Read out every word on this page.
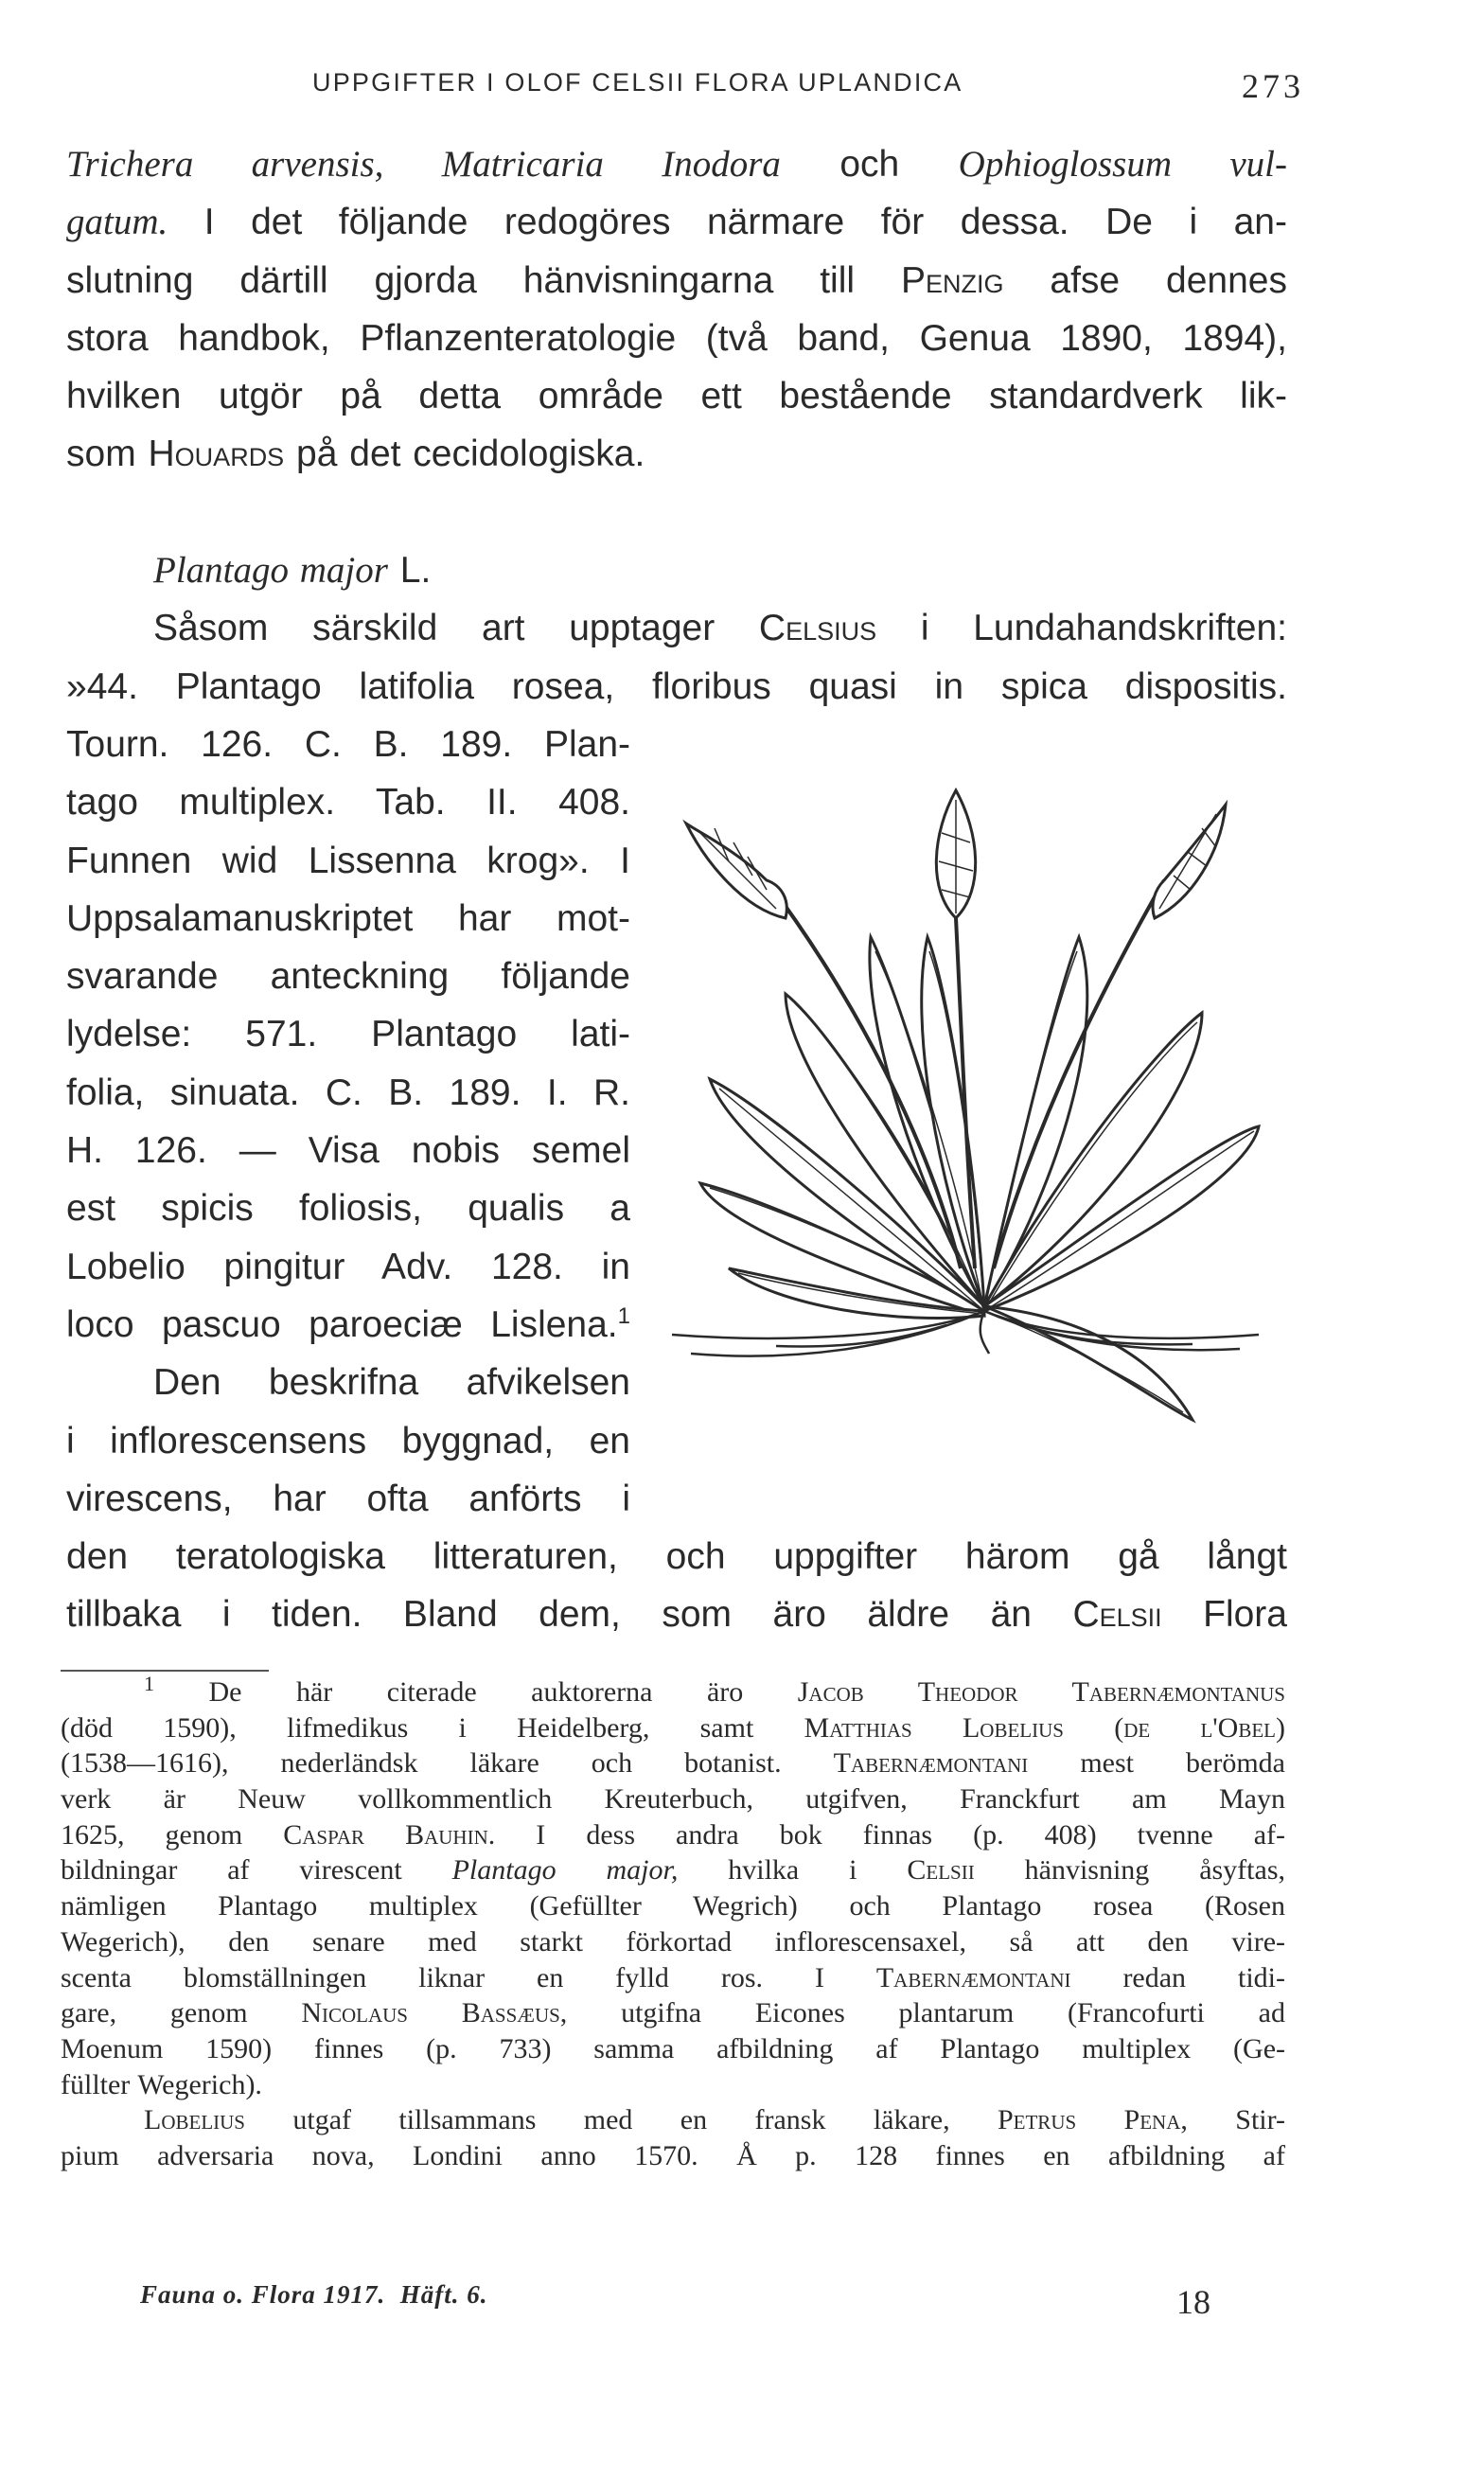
UPPGIFTER I OLOF CELSII FLORA UPLANDICA	273
Trichera arvensis, Matricaria Inodora och Ophioglossum vul-
gatum. I det följande redogöres närmare för dessa. De i an-
slutning därtill gjorda hänvisningarna till Penzig afse dennes
stora handbok, Pflanzenteratologie (två band, Genua 1890, 1894),
hvilken utgör på detta område ett bestående standardverk lik-
som Houards på det cecidologiska.
Plantago major L.
Såsom särskild art upptager Celsius i Lundahandskriften:
»44. Plantago latifolia rosea, floribus quasi in spica dispositis.
Tourn. 126. C. B. 189. Plan-
tago multiplex. Tab. II. 408.
Funnen wid Lissenna krog». I
Uppsalamanuskriptet har mot-
svarande anteckning följande
lydelse: 571. Plantago lati-
folia, sinuata. C. B. 189. I. R.
H. 126. — Visa nobis semel
est spicis foliosis, qualis a
Lobelio pingitur Adv. 128. in
loco pascuo paroeciæ Lislena.$^1$
Den beskrifna afvikelsen
i inflorescensens byggnad, en
virescens, har ofta anförts i
den teratologiska litteraturen, och uppgifter härom gå långt
tillbaka i tiden. Bland dem, som äro äldre än Celsii Flora
$^1$ De här citerade auktorerna äro Jacob Theodor Tabernæmontanus
(död 1590), lifmedikus i Heidelberg, samt Matthias Lobelius (de l'Obel)
(1538—1616), nederländsk läkare och botanist. Tabernæmontani mest berömda
verk är Neuw vollkommentlich Kreuterbuch, utgifven, Franckfurt am Mayn
1625, genom Caspar Bauhin. I dess andra bok finnas (p. 408) tvenne af-
bildningar af virescent Plantago major, hvilka i Celsii hänvisning åsyftas,
nämligen Plantago multiplex (Gefüllter Wegrich) och Plantago rosea (Rosen
Wegerich), den senare med starkt förkortad inflorescensaxel, så att den vire-
scenta blomställningen liknar en fylld ros. I Tabernæmontani redan tidi-
gare, genom Nicolaus Bassæus, utgifna Eicones plantarum (Francofurti ad
Moenum 1590) finnes (p. 733) samma afbildning af Plantago multiplex (Ge-
füllter Wegerich).
Lobelius utgaf tillsammans med en fransk läkare, Petrus Pena, Stir-
pium adversaria nova, Londini anno 1570. Å p. 128 finnes en afbildning af
Fauna o. Flora 1917.  Häft. 6.	18
